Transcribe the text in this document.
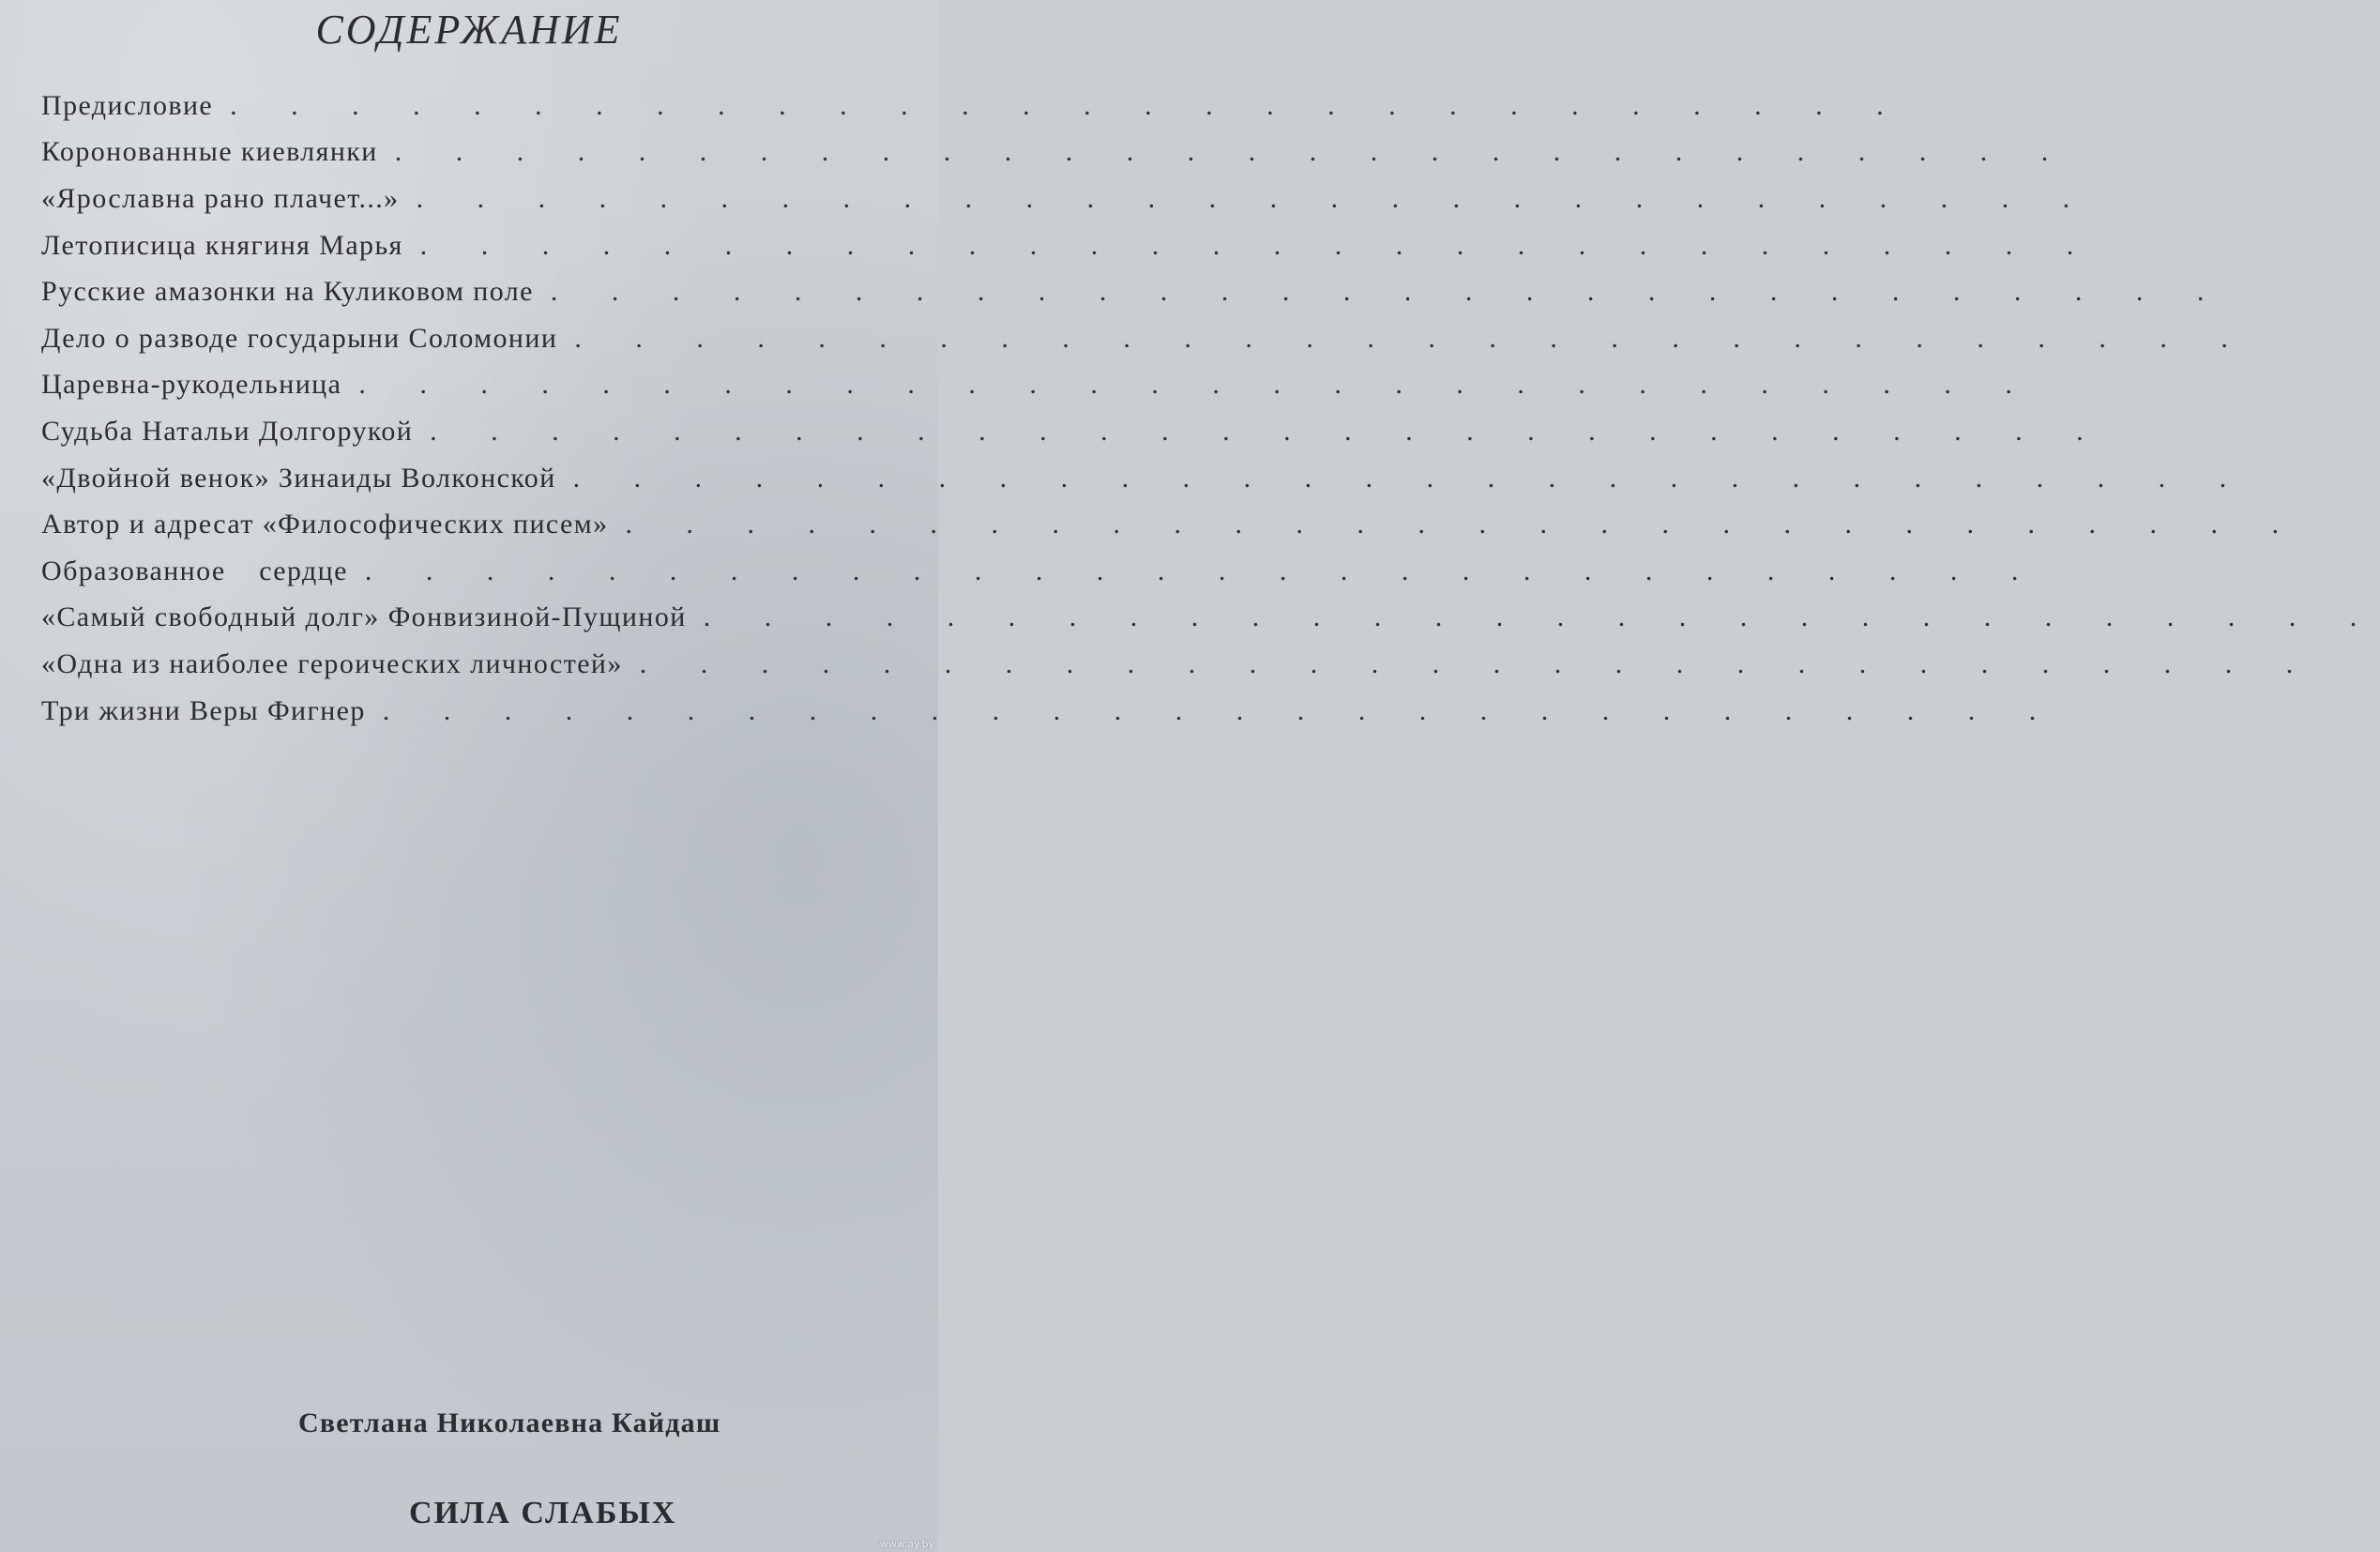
СОДЕРЖАНИЕ
Предисловие . . . . . . . . . . . . . . . . . . . . . . . . . . . .
Коронованные киевлянки . . . . . . . . . . . . . . . . . . . . . . . . . . . .
«Ярославна рано плачет...» . . . . . . . . . . . . . . . . . . . . . . . . . . . .
Летописица княгиня Марья . . . . . . . . . . . . . . . . . . . . . . . . . . . .
Русские амазонки на Куликовом поле . . . . . . . . . . . . . . . . . . . . . . . . . . . .
Дело о разводе государыни Соломонии . . . . . . . . . . . . . . . . . . . . . . . . . . . .
Царевна-рукодельница . . . . . . . . . . . . . . . . . . . . . . . . . . . .
Судьба Натальи Долгорукой . . . . . . . . . . . . . . . . . . . . . . . . . . . .
«Двойной венок» Зинаиды Волконской . . . . . . . . . . . . . . . . . . . . . . . . . . . .
Автор и адресат «Философических писем» . . . . . . . . . . . . . . . . . . . . . . . . . . . .
Образованное    сердце . . . . . . . . . . . . . . . . . . . . . . . . . . . .
«Самый свободный долг» Фонвизиной-Пущиной . . . . . . . . . . . . . . . . . . . . . . . . . . . .
«Одна из наиболее героических личностей» . . . . . . . . . . . . . . . . . . . . . . . . . . . .
Три жизни Веры Фигнер . . . . . . . . . . . . . . . . . . . . . . . . . . . .

Светлана Николаевна Кайдаш

СИЛА СЛАБЫХ

www.ay.by
